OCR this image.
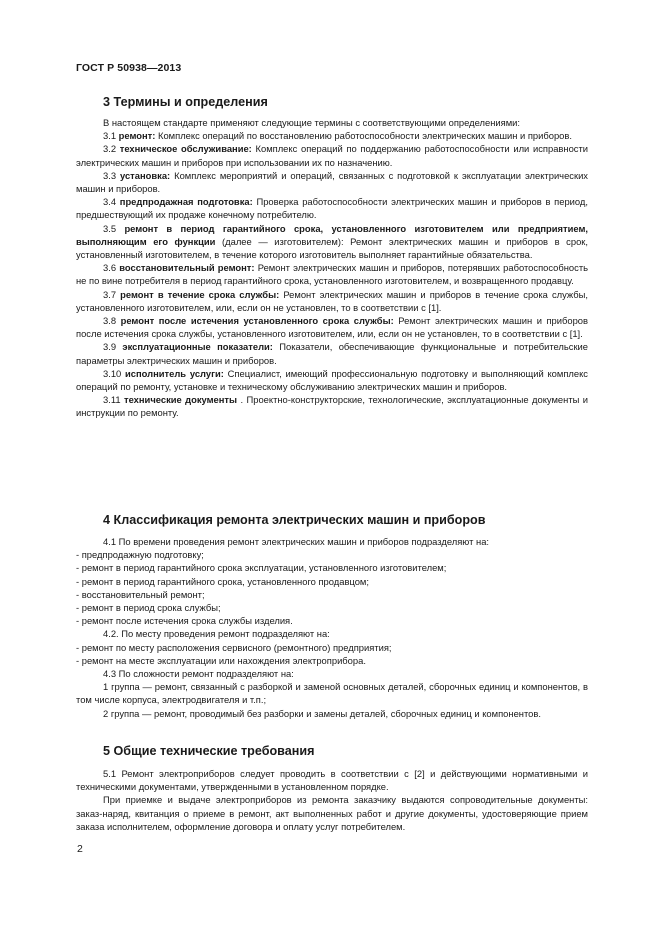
ГОСТ Р 50938—2013
3 Термины и определения

В настоящем стандарте применяют следующие термины с соответствующими определениями:

3.1 ремонт: Комплекс операций по восстановлению работоспособности электрических машин и приборов.

3.2 техническое обслуживание: Комплекс операций по поддержанию работоспособности или исправности электрических машин и приборов при использовании их по назначению.

3.3 установка: Комплекс мероприятий и операций, связанных с подготовкой к эксплуатации электрических машин и приборов.

3.4 предпродажная подготовка: Проверка работоспособности электрических машин и приборов в период, предшествующий их продаже конечному потребителю.

3.5 ремонт в период гарантийного срока, установленного изготовителем или предприятием, выполняющим его функции (далее — изготовителем): Ремонт электрических машин и приборов в срок, установленный изготовителем, в течение которого изготовитель выполняет гарантийные обязательства.

3.6 восстановительный ремонт: Ремонт электрических машин и приборов, потерявших работоспособность не по вине потребителя в период гарантийного срока, установленного изготовителем, и возвращенного продавцу.

3.7 ремонт в течение срока службы: Ремонт электрических машин и приборов в течение срока службы, установленного изготовителем, или, если он не установлен, то в соответствии с [1].

3.8 ремонт после истечения установленного срока службы: Ремонт электрических машин и приборов после истечения срока службы, установленного изготовителем, или, если он не установлен, то в соответствии с [1].

3.9 эксплуатационные показатели: Показатели, обеспечивающие функциональные и потребительские параметры электрических машин и приборов.

3.10 исполнитель услуги: Специалист, имеющий профессиональную подготовку и выполняющий комплекс операций по ремонту, установке и техническому обслуживанию электрических машин и приборов.

3.11 технические документы . Проектно-конструкторские, технологические, эксплуатационные документы и инструкции по ремонту.

4 Классификация ремонта электрических машин и приборов

4.1 По времени проведения ремонт электрических машин и приборов подразделяют на:

- предпродажную подготовку;

- ремонт в период гарантийного срока эксплуатации, установленного изготовителем;

- ремонт в период гарантийного срока, установленного продавцом;

- восстановительный ремонт;

- ремонт в период срока службы;

- ремонт после истечения срока службы изделия.

4.2. По месту проведения ремонт подразделяют на:

- ремонт по месту расположения сервисного (ремонтного) предприятия;

- ремонт на месте эксплуатации или нахождения электроприбора.

4.3 По сложности ремонт подразделяют на:

1 группа — ремонт, связанный с разборкой и заменой основных деталей, сборочных единиц и компонентов, в том числе корпуса, электродвигателя и т.п.;

2 группа — ремонт, проводимый без разборки и замены деталей, сборочных единиц и компонентов.

5 Общие технические требования

5.1 Ремонт электроприборов следует проводить в соответствии с [2] и действующими нормативными и техническими документами, утвержденными в установленном порядке.

При приемке и выдаче электроприборов из ремонта заказчику выдаются сопроводительные документы: заказ-наряд, квитанция о приеме в ремонт, акт выполненных работ и другие документы, удостоверяющие прием заказа исполнителем, оформление договора и оплату услуг потребителем.

2
